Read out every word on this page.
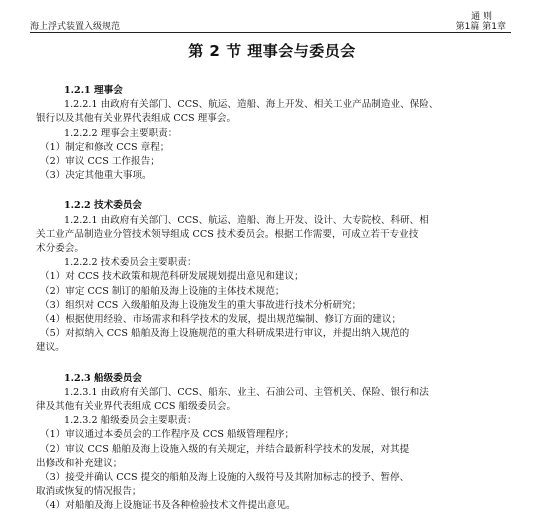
海上浮式装置入级规范
通 则
第1篇 第1章
第 2 节 理事会与委员会
1.2.1 理事会
1.2.2.1 由政府有关部门、CCS、航运、造船、海上开发、相关工业产品制造业、保险、
银行以及其他有关业界代表组成 CCS 理事会。
1.2.2.2 理事会主要职责：
（1）制定和修改 CCS 章程；
（2）审议 CCS 工作报告；
（3）决定其他重大事项。
1.2.2 技术委员会
1.2.2.1 由政府有关部门、CCS、航运、造船、海上开发、设计、大专院校、科研、相
关工业产品制造业分管技术领导组成 CCS 技术委员会。根据工作需要，可成立若干专业技
术分委会。
1.2.2.2 技术委员会主要职责：
（1）对 CCS 技术政策和规范科研发展规划提出意见和建议；
（2）审定 CCS 制订的船舶及海上设施的主体技术规范；
（3）组织对 CCS 入级船舶及海上设施发生的重大事故进行技术分析研究；
（4）根据使用经验、市场需求和科学技术的发展，提出规范编制、修订方面的建议；
（5）对拟纳入 CCS 船舶及海上设施规范的重大科研成果进行审议，并提出纳入规范的
建议。
1.2.3 船级委员会
1.2.3.1 由政府有关部门、CCS、船东、业主、石油公司、主管机关、保险、银行和法
律及其他有关业界代表组成 CCS 船级委员会。
1.2.3.2 船级委员会主要职责：
（1）审议通过本委员会的工作程序及 CCS 船级管理程序；
（2）审议 CCS 船舶及海上设施入级的有关规定，并结合最新科学技术的发展，对其提
出修改和补充建议；
（3）接受并确认 CCS 提交的船舶及海上设施的入级符号及其附加标志的授予、暂停、
取消或恢复的情况报告；
（4）对船舶及海上设施证书及各种检验技术文件提出意见。
